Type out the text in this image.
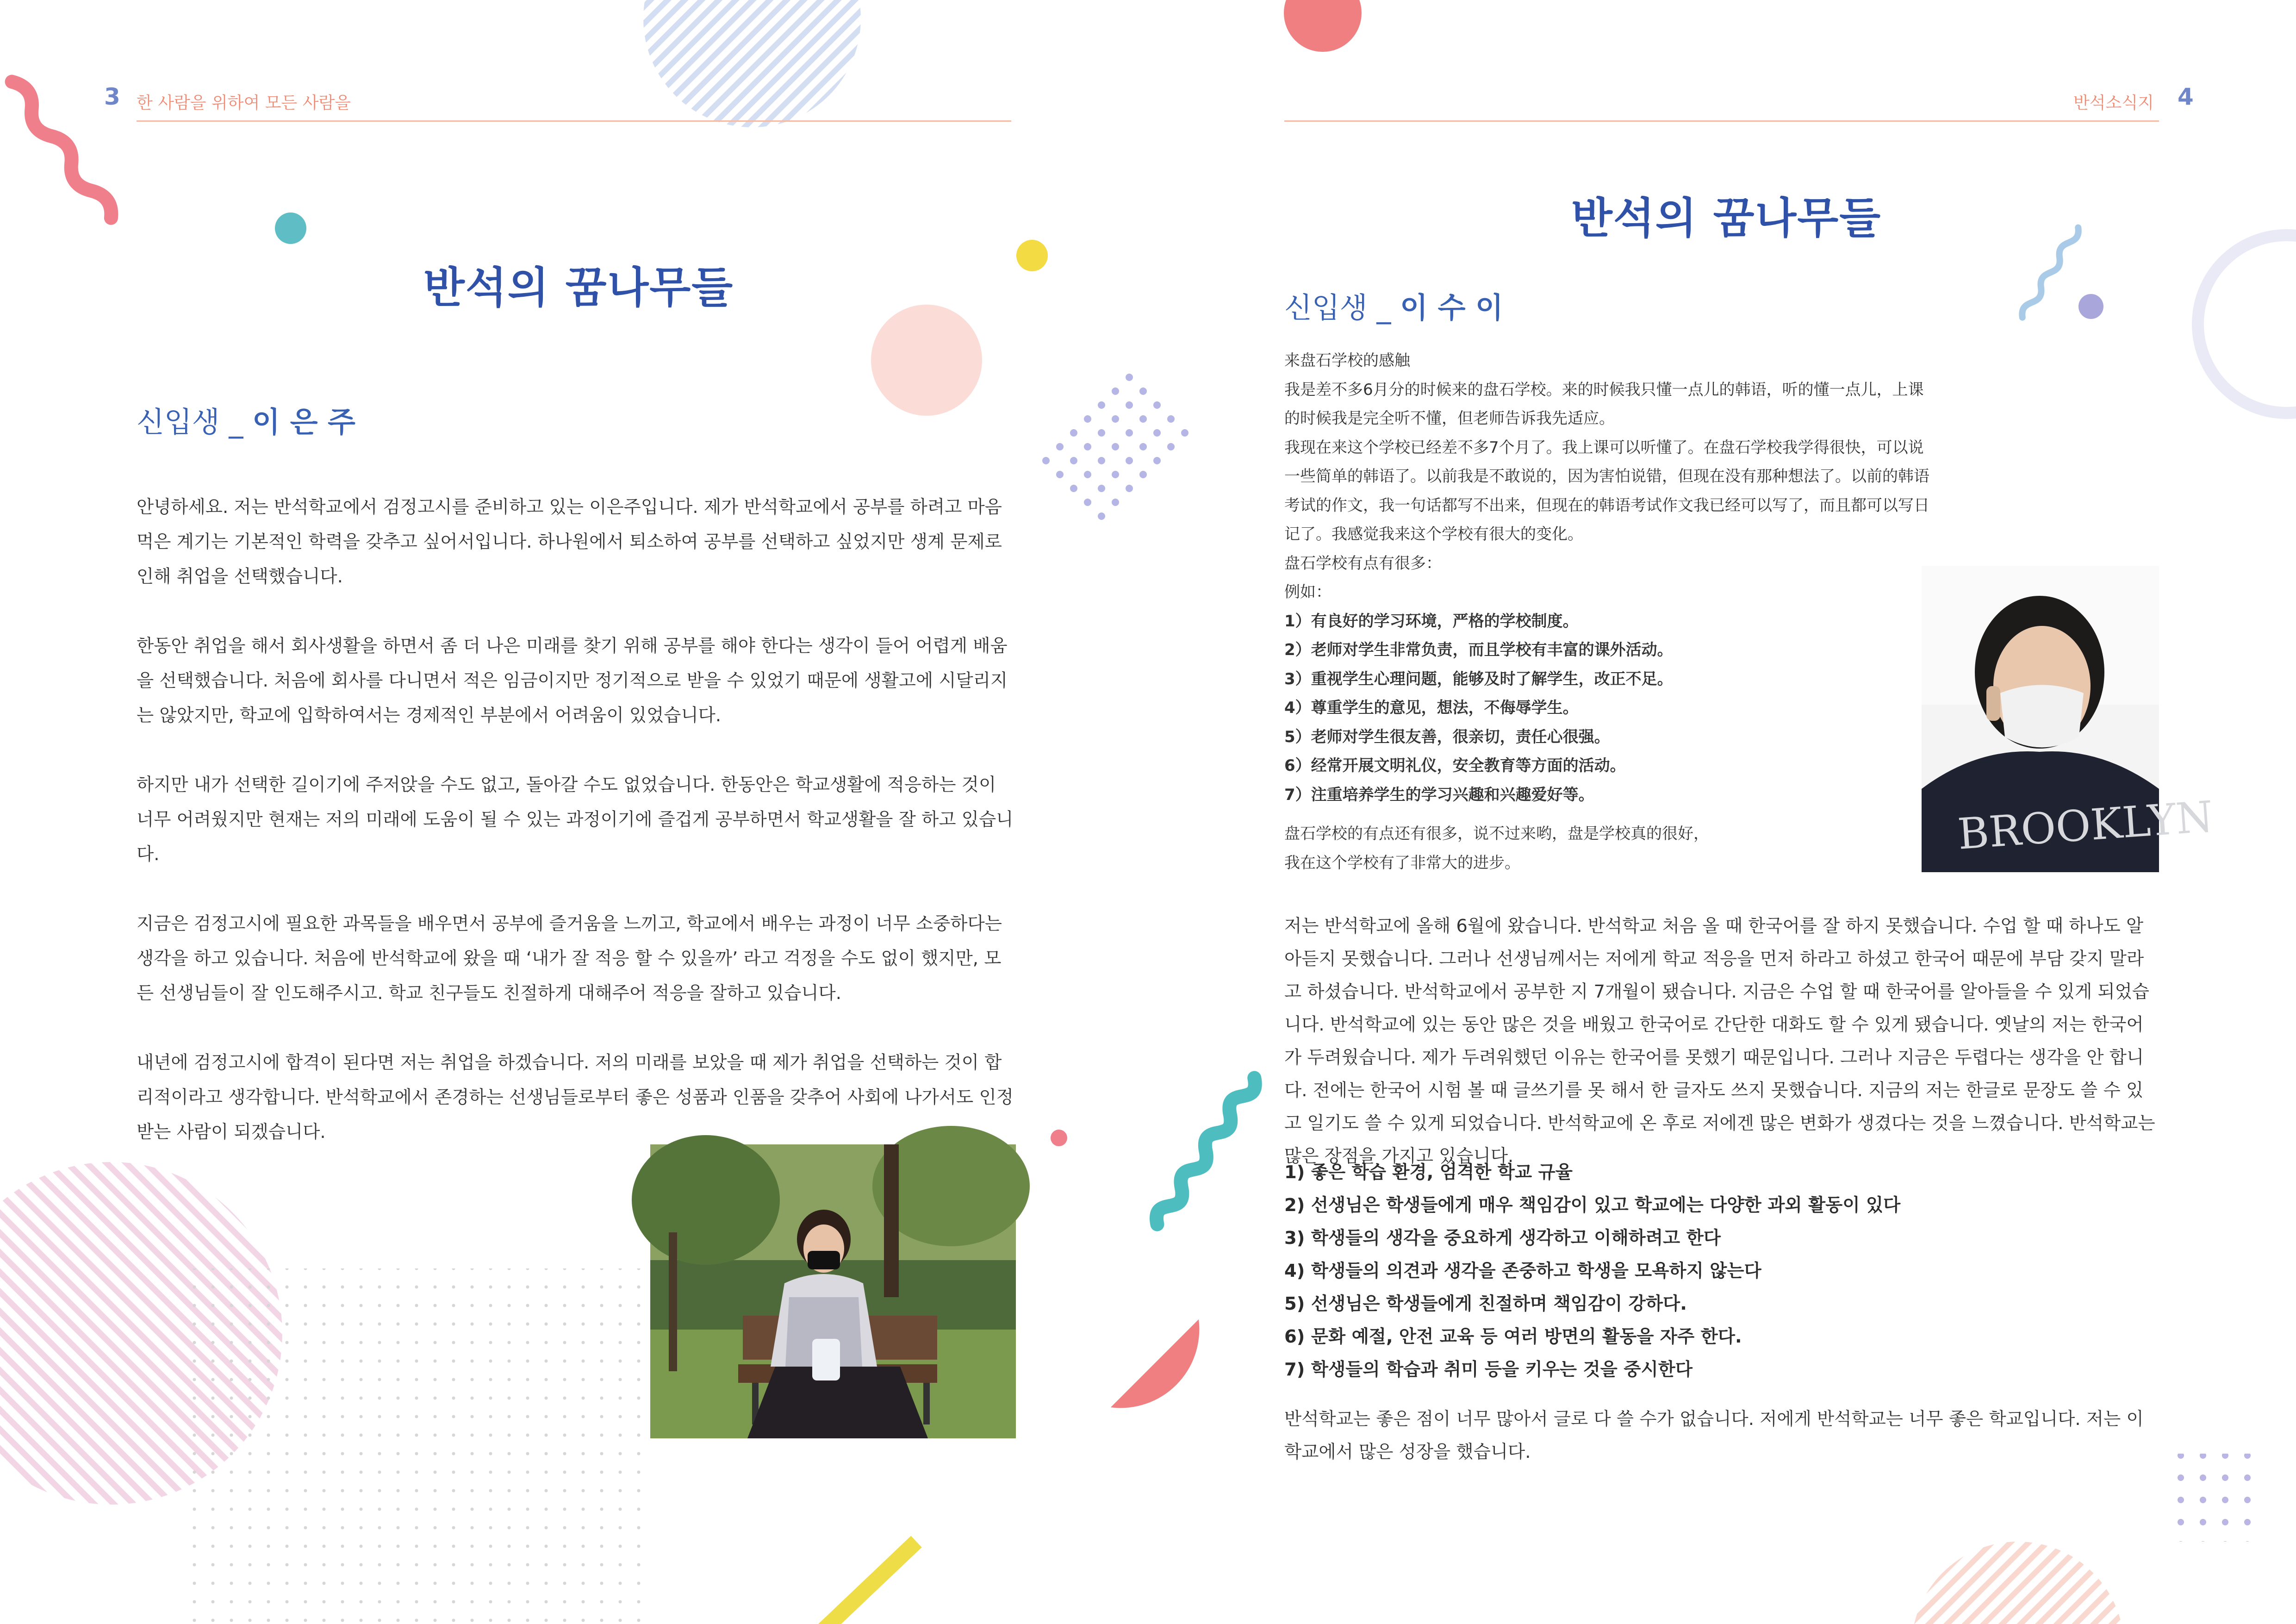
3 한 사람을 위하여 모든 사람을
반석의 꿈나무들
신입생 _ 이 은 주

안녕하세요. 저는 반석학교에서 검정고시를 준비하고 있는 이은주입니다. 제가 반석학교에서 공부를 하려고 마음먹은 계기는 기본적인 학력을 갖추고 싶어서입니다. 하나원에서 퇴소하여 공부를 선택하고 싶었지만 생계 문제로 인해 취업을 선택했습니다.

한동안 취업을 해서 회사생활을 하면서 좀 더 나은 미래를 찾기 위해 공부를 해야 한다는 생각이 들어 어렵게 배움을 선택했습니다. 처음에 회사를 다니면서 적은 임금이지만 정기적으로 받을 수 있었기 때문에 생활고에 시달리지는 않았지만, 학교에 입학하여서는 경제적인 부분에서 어려움이 있었습니다.

하지만 내가 선택한 길이기에 주저앉을 수도 없고, 돌아갈 수도 없었습니다. 한동안은 학교생활에 적응하는 것이 너무 어려웠지만 현재는 저의 미래에 도움이 될 수 있는 과정이기에 즐겁게 공부하면서 학교생활을 잘 하고 있습니다.

지금은 검정고시에 필요한 과목들을 배우면서 공부에 즐거움을 느끼고, 학교에서 배우는 과정이 너무 소중하다는 생각을 하고 있습니다. 처음에 반석학교에 왔을 때 ‘내가 잘 적응 할 수 있을까’ 라고 걱정을 수도 없이 했지만, 모든 선생님들이 잘 인도해주시고. 학교 친구들도 친절하게 대해주어 적응을 잘하고 있습니다.

내년에 검정고시에 합격이 된다면 저는 취업을 하겠습니다. 저의 미래를 보았을 때 제가 취업을 선택하는 것이 합리적이라고 생각합니다. 반석학교에서 존경하는 선생님들로부터 좋은 성품과 인품을 갖추어 사회에 나가서도 인정받는 사람이 되겠습니다.

반석소식지 4
반석의 꿈나무들
신입생 _ 이 수 이
来盘石学校的感触
我是差不多6月分的时候来的盘石学校。来的时候我只懂一点儿的韩语，听的懂一点儿，上课的时候我是完全听不懂，但老师告诉我先适应。
我现在来这个学校已经差不多7个月了。我上课可以听懂了。在盘石学校我学得很快，可以说一些简单的韩语了。以前我是不敢说的，因为害怕说错，但现在没有那种想法了。以前的韩语考试的作文，我一句话都写不出来，但现在的韩语考试作文我已经可以写了，而且都可以写日记了。我感觉我来这个学校有很大的变化。
盘石学校有点有很多：
例如：
1）有良好的学习环境，严格的学校制度。
2）老师对学生非常负责，而且学校有丰富的课外活动。
3）重视学生心理问题，能够及时了解学生，改正不足。
4）尊重学生的意见，想法，不侮辱学生。
5）老师对学生很友善，很亲切，责任心很强。
6）经常开展文明礼仪，安全教育等方面的活动。
7）注重培养学生的学习兴趣和兴趣爱好等。
盘石学校的有点还有很多，说不过来哟，盘是学校真的很好，
我在这个学校有了非常大的进步。
BROOKLYN

저는 반석학교에 올해 6월에 왔습니다. 반석학교 처음 올 때 한국어를 잘 하지 못했습니다. 수업 할 때 하나도 알아듣지 못했습니다. 그러나 선생님께서는 저에게 학교 적응을 먼저 하라고 하셨고 한국어 때문에 부담 갖지 말라고 하셨습니다. 반석학교에서 공부한 지 7개월이 됐습니다. 지금은 수업 할 때 한국어를 알아들을 수 있게 되었습니다. 반석학교에 있는 동안 많은 것을 배웠고 한국어로 간단한 대화도 할 수 있게 됐습니다. 옛날의 저는 한국어가 두려웠습니다. 제가 두려워했던 이유는 한국어를 못했기 때문입니다. 그러나 지금은 두렵다는 생각을 안 합니다. 전에는 한국어 시험 볼 때 글쓰기를 못 해서 한 글자도 쓰지 못했습니다. 지금의 저는 한글로 문장도 쓸 수 있고 일기도 쓸 수 있게 되었습니다. 반석학교에 온 후로 저에겐 많은 변화가 생겼다는 것을 느꼈습니다. 반석학교는 많은 장점을 가지고 있습니다.

1) 좋은 학습 환경, 엄격한 학교 규율
2) 선생님은 학생들에게 매우 책임감이 있고 학교에는 다양한 과외 활동이 있다
3) 학생들의 생각을 중요하게 생각하고 이해하려고 한다
4) 학생들의 의견과 생각을 존중하고 학생을 모욕하지 않는다
5) 선생님은 학생들에게 친절하며 책임감이 강하다.
6) 문화 예절, 안전 교육 등 여러 방면의 활동을 자주 한다.
7) 학생들의 학습과 취미 등을 키우는 것을 중시한다

반석학교는 좋은 점이 너무 많아서 글로 다 쓸 수가 없습니다. 저에게 반석학교는 너무 좋은 학교입니다. 저는 이 학교에서 많은 성장을 했습니다.
